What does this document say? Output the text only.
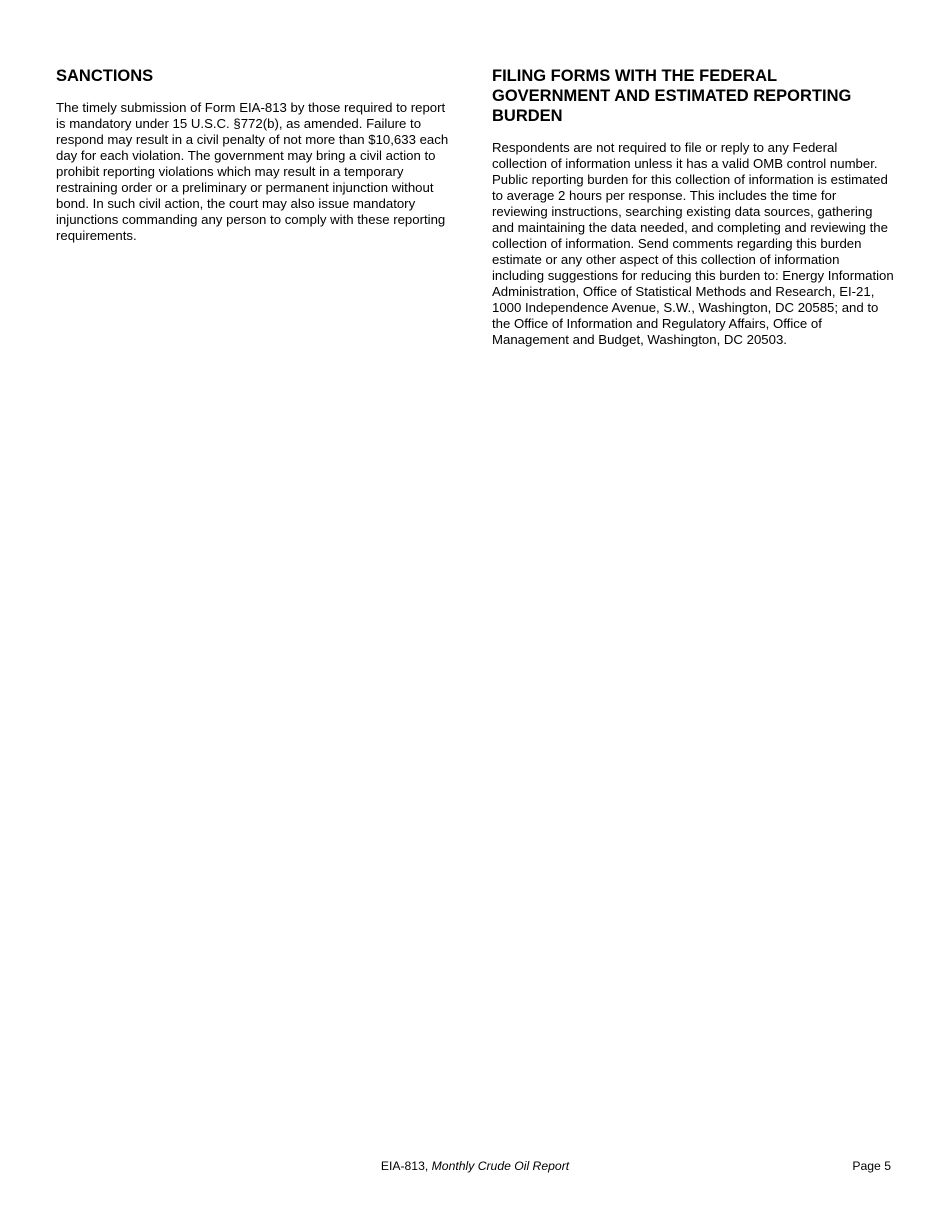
SANCTIONS

The timely submission of Form EIA-813 by those required to report is mandatory under 15 U.S.C. §772(b), as amended. Failure to respond may result in a civil penalty of not more than $10,633 each day for each violation. The government may bring a civil action to prohibit reporting violations which may result in a temporary restraining order or a preliminary or permanent injunction without bond. In such civil action, the court may also issue mandatory injunctions commanding any person to comply with these reporting requirements.

FILING FORMS WITH THE FEDERAL GOVERNMENT AND ESTIMATED REPORTING BURDEN

Respondents are not required to file or reply to any Federal collection of information unless it has a valid OMB control number. Public reporting burden for this collection of information is estimated to average 2 hours per response. This includes the time for reviewing instructions, searching existing data sources, gathering and maintaining the data needed, and completing and reviewing the collection of information. Send comments regarding this burden estimate or any other aspect of this collection of information including suggestions for reducing this burden to: Energy Information Administration, Office of Statistical Methods and Research, EI-21, 1000 Independence Avenue, S.W., Washington, DC 20585; and to the Office of Information and Regulatory Affairs, Office of Management and Budget, Washington, DC 20503.

EIA-813, Monthly Crude Oil Report	Page 5
